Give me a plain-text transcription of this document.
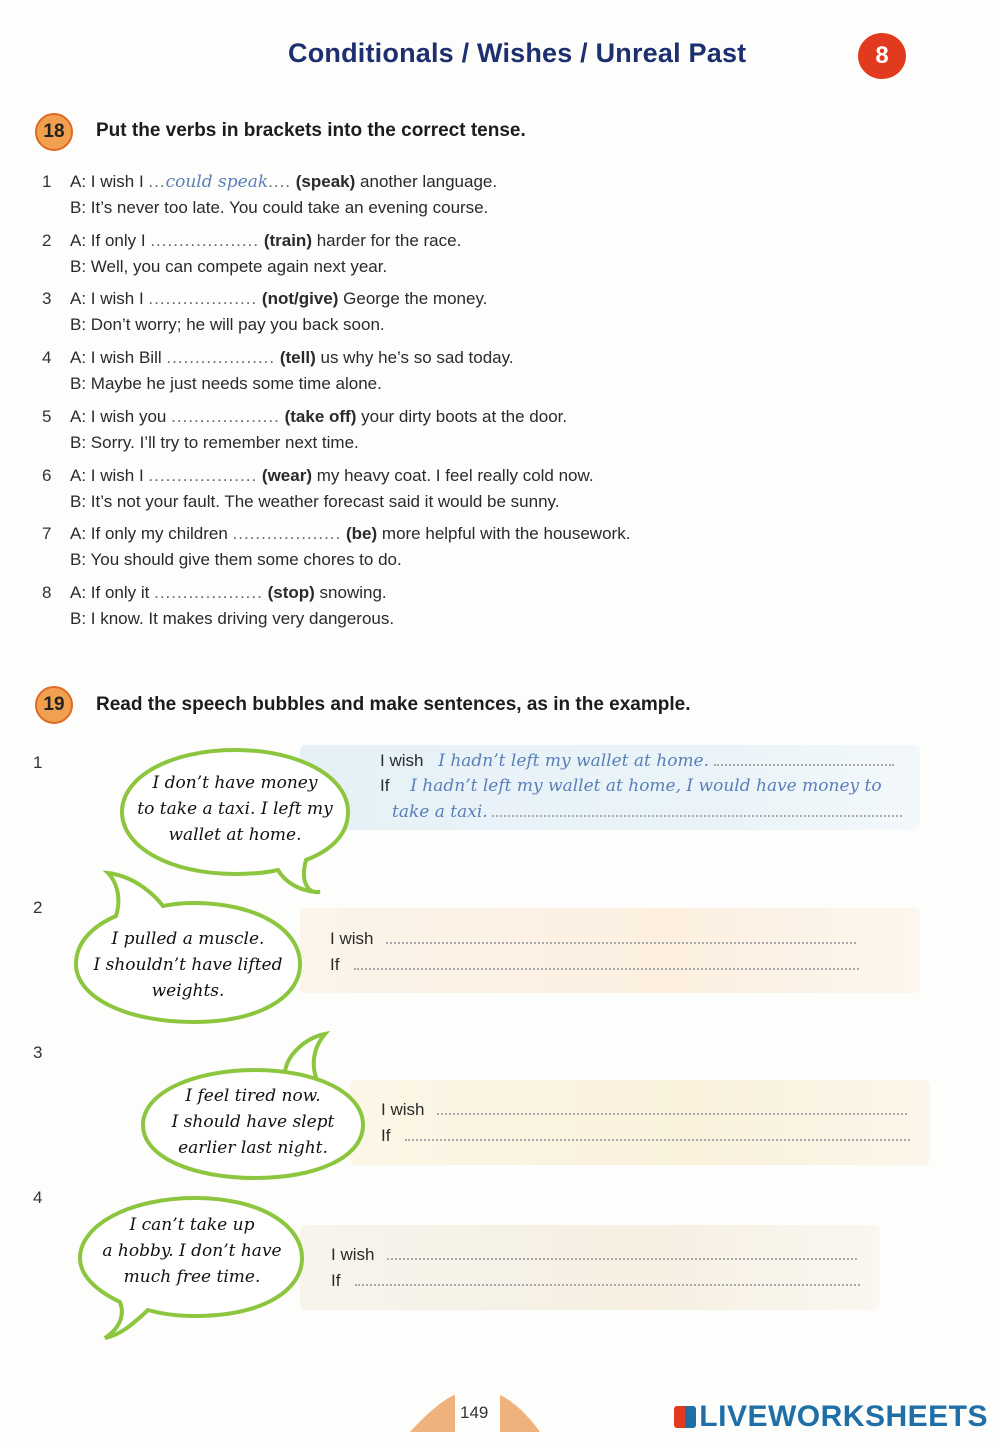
Conditionals / Wishes / Unreal Past	8
18	Put the verbs in brackets into the correct tense.
1 A: I wish I ...could speak.... (speak) another language.
B: It’s never too late. You could take an evening course.
2 A: If only I ................... (train) harder for the race.
B: Well, you can compete again next year.
3 A: I wish I ................... (not/give) George the money.
B: Don’t worry; he will pay you back soon.
4 A: I wish Bill ................... (tell) us why he’s so sad today.
B: Maybe he just needs some time alone.
5 A: I wish you ................... (take off) your dirty boots at the door.
B: Sorry. I’ll try to remember next time.
6 A: I wish I ................... (wear) my heavy coat. I feel really cold now.
B: It’s not your fault. The weather forecast said it would be sunny.
7 A: If only my children ................... (be) more helpful with the housework.
B: You should give them some chores to do.
8 A: If only it ................... (stop) snowing.
B: I know. It makes driving very dangerous.
19	Read the speech bubbles and make sentences, as in the example.
1
2
3
4
I don’t have money
to take a taxi. I left my
wallet at home.
I pulled a muscle.
I shouldn’t have lifted
weights.
I feel tired now.
I should have slept
earlier last night.
I can’t take up
a hobby. I don’t have
much free time.
I wish I hadn’t left my wallet at home.
If I hadn’t left my wallet at home, I would have money to
take a taxi.
I wish
If
I wish
If
I wish
If
149	LIVEWORKSHEETS
